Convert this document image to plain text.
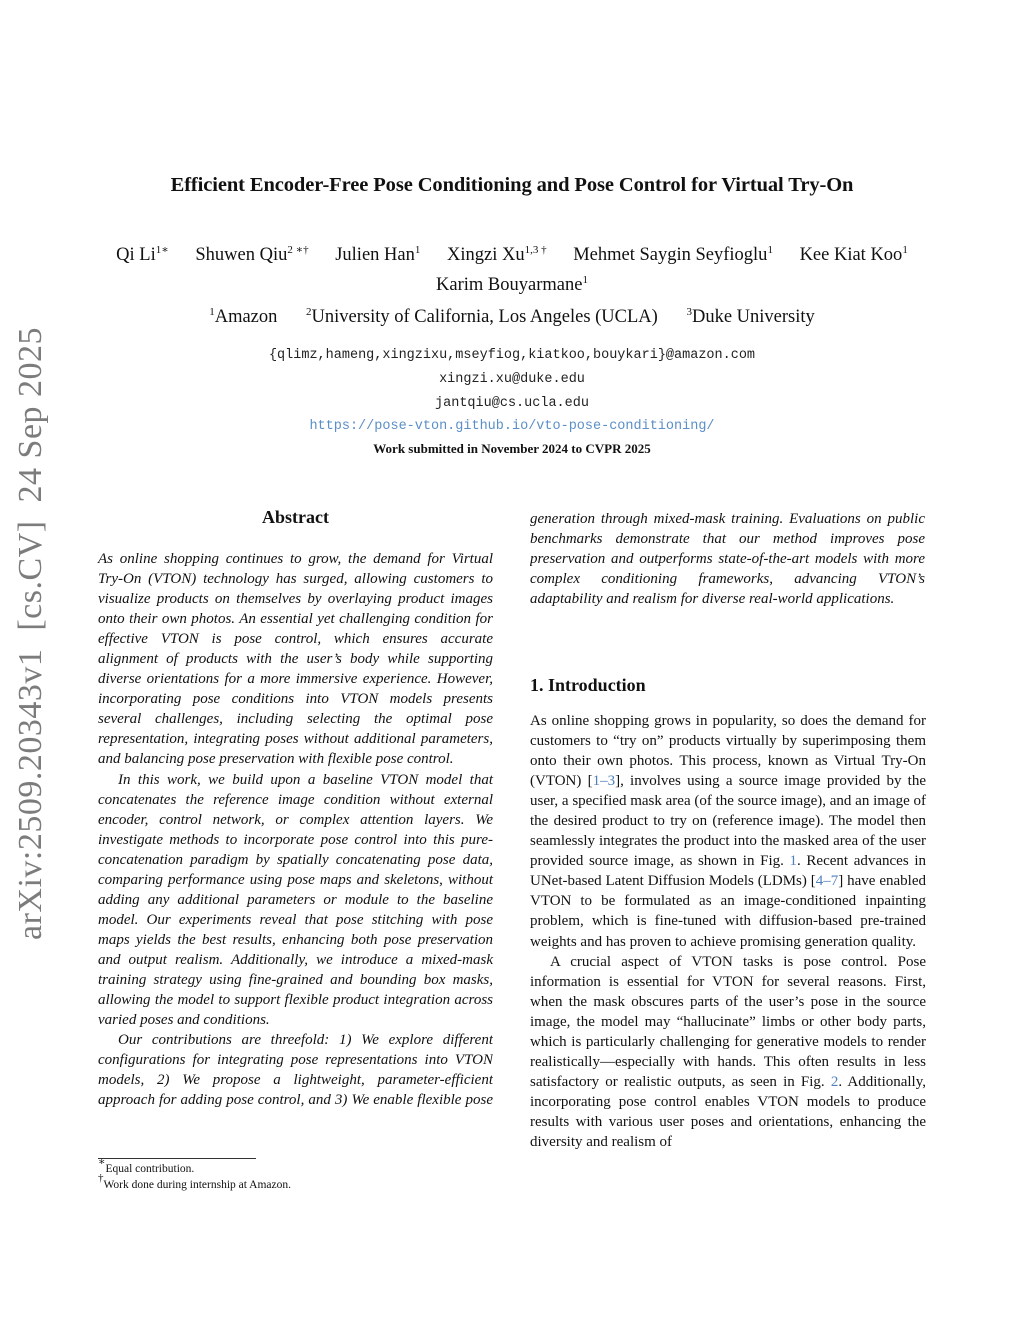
arXiv:2509.20343v1[cs.CV]24 Sep 2025
Efficient Encoder-Free Pose Conditioning and Pose Control for Virtual Try-On
Qi $Li^{1∗}$ Shuwen Qiu$^{2 ∗\dagger}$ Julien Han$^1$ Xingzi $Xu^{1,3 \dagger}$ Mehmet Saygin Seyfioglu$^1$ Kee Kiat Koo$^1$
Karim Bouyarmane$^1$
$^1$Amazon	$^2$University of California, Los Angeles (UCLA)	$^3$Duke University
{qlimz,hameng,xingzixu,mseyfiog,kiatkoo,bouykari}@amazon.com
xingzi.xu@duke.edu
jantqiu@cs.ucla.edu
https://pose-vton.github.io/vto-pose-conditioning/
Work submitted in November 2024 to CVPR 2025
Abstract

As online shopping continues to grow, the demand for Virtual Try-On (VTON) technology has surged, allowing customers to visualize products on themselves by overlaying product images onto their own photos. An essential yet challenging condition for effective VTON is pose control, which ensures accurate alignment of products with the user’s body while supporting diverse orientations for a more immersive experience. However, incorporating pose conditions into VTON models presents several challenges, including selecting the optimal pose representation, integrating poses without additional parameters, and balancing pose preservation with flexible pose control.

In this work, we build upon a baseline VTON model that concatenates the reference image condition without external encoder, control network, or complex attention layers. We investigate methods to incorporate pose control into this pure-concatenation paradigm by spatially concatenating pose data, comparing performance using pose maps and skeletons, without adding any additional parameters or module to the baseline model. Our experiments reveal that pose stitching with pose maps yields the best results, enhancing both pose preservation and output realism. Additionally, we introduce a mixed-mask training strategy using fine-grained and bounding box masks, allowing the model to support flexible product integration across varied poses and conditions.

Our contributions are threefold: 1) We explore different configurations for integrating pose representations into VTON models, 2) We propose a lightweight, parameter-efficient approach for adding pose control, and 3) We enable flexible pose

∗Equal contribution.
†Work done during internship at Amazon.

generation through mixed-mask training. Evaluations on public benchmarks demonstrate that our method improves pose preservation and outperforms state-of-the-art models with more complex conditioning frameworks, advancing VTON’s adaptability and realism for diverse real-world applications.

1. Introduction

As online shopping grows in popularity, so does the demand for customers to “try on” products virtually by superimposing them onto their own photos. This process, known as Virtual Try-On (VTON) [1–3], involves using a source image provided by the user, a specified mask area (of the source image), and an image of the desired product to try on (reference image). The model then seamlessly integrates the product into the masked area of the user provided source image, as shown in Fig. 1. Recent advances in UNet-based Latent Diffusion Models (LDMs) [4–7] have enabled VTON to be formulated as an image-conditioned inpainting problem, which is fine-tuned with diffusion-based pre-trained weights and has proven to achieve promising generation quality.

A crucial aspect of VTON tasks is pose control. Pose information is essential for VTON for several reasons. First, when the mask obscures parts of the user’s pose in the source image, the model may “hallucinate” limbs or other body parts, which is particularly challenging for generative models to render realistically—especially with hands. This often results in less satisfactory or realistic outputs, as seen in Fig. 2. Additionally, incorporating pose control enables VTON models to produce results with various user poses and orientations, enhancing the diversity and realism of
